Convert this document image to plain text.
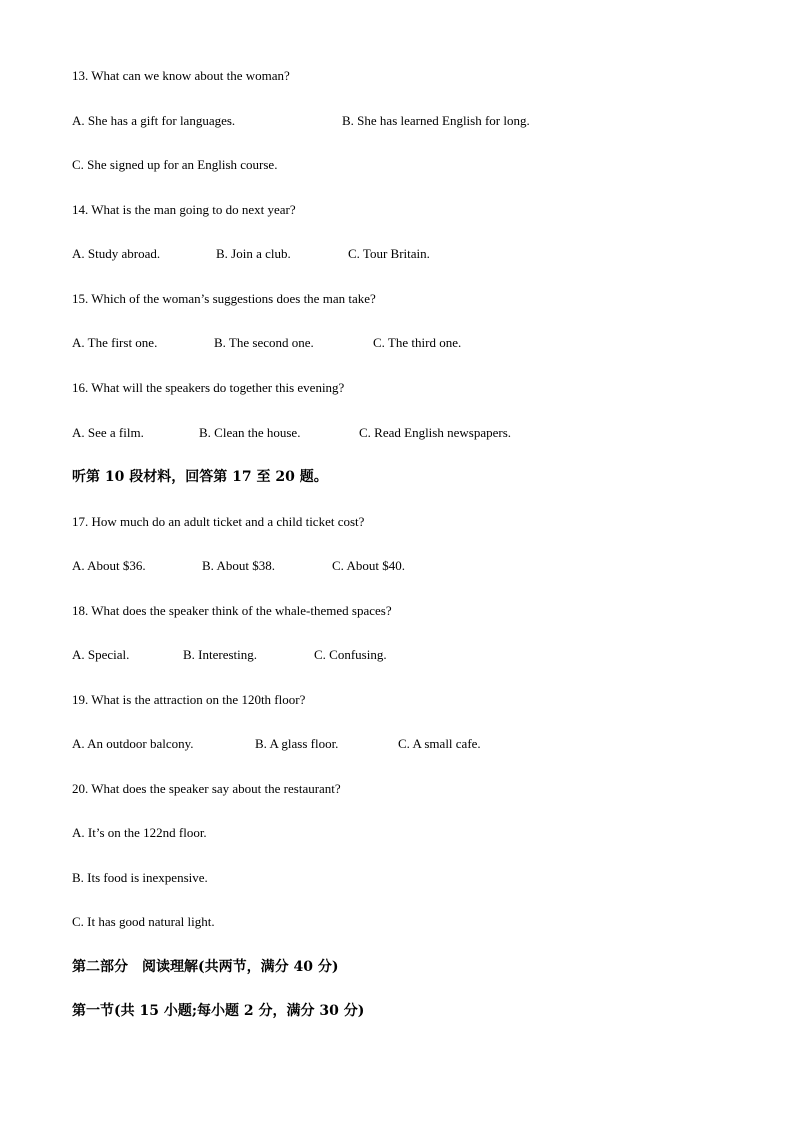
13. What can we know about the woman?
A. She has a gift for languages.	B. She has learned English for long.
C. She signed up for an English course.
14. What is the man going to do next year?
A. Study abroad.	B. Join a club.	C. Tour Britain.
15. Which of the woman’s suggestions does the man take?
A. The first one.	B. The second one.	C. The third one.
16. What will the speakers do together this evening?
A. See a film.	B. Clean the house.	C. Read English newspapers.
听第 10 段材料，回答第 17 至 20 题。
17. How much do an adult ticket and a child ticket cost?
A. About $36.	B. About $38.	C. About $40.
18. What does the speaker think of the whale-themed spaces?
A. Special.	B. Interesting.	C. Confusing.
19. What is the attraction on the 120th floor?
A. An outdoor balcony.	B. A glass floor.	C. A small cafe.
20. What does the speaker say about the restaurant?
A. It’s on the 122nd floor.
B. Its food is inexpensive.
C. It has good natural light.
第二部分　阅读理解(共两节，满分 40 分)
第一节(共 15 小题;每小题 2 分，满分 30 分)
